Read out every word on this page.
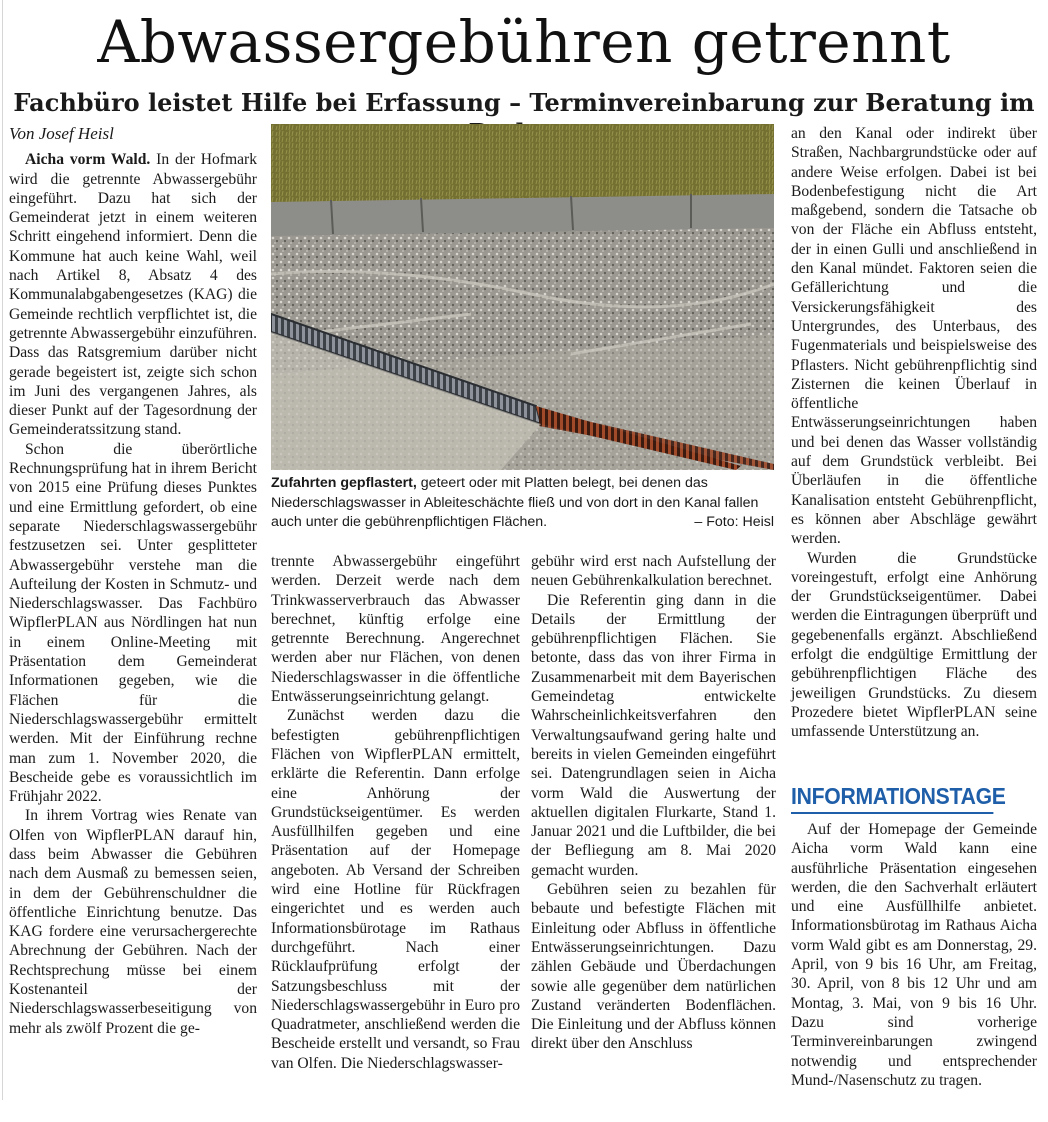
Abwassergebühren getrennt
Fachbüro leistet Hilfe bei Erfassung – Terminvereinbarung zur Beratung im

Von Josef Heisl

Aicha vorm Wald. In der Hofmark wird die getrennte Abwassergebühr eingeführt. Dazu hat sich der Gemeinderat jetzt in einem weiteren Schritt eingehend informiert. Denn die Kommune hat auch keine Wahl, weil nach Artikel 8, Absatz 4 des Kommunalabgabengesetzes (KAG) die Gemeinde rechtlich verpflichtet ist, die getrennte Abwassergebühr einzuführen. Dass das Ratsgremium darüber nicht gerade begeistert ist, zeigte sich schon im Juni des vergangenen Jahres, als dieser Punkt auf der Tagesordnung der Gemeinderatssitzung stand.

Schon die überörtliche Rechnungsprüfung hat in ihrem Bericht von 2015 eine Prüfung dieses Punktes und eine Ermittlung gefordert, ob eine separate Niederschlagswassergebühr festzusetzen sei. Unter gesplitteter Abwassergebühr verstehe man die Aufteilung der Kosten in Schmutz- und Niederschlagswasser. Das Fachbüro WipflerPLAN aus Nördlingen hat nun in einem Online-Meeting mit Präsentation dem Gemeinderat Informationen gegeben, wie die Flächen für die Niederschlagswassergebühr ermittelt werden. Mit der Einführung rechne man zum 1. November 2020, die Bescheide gebe es voraussichtlich im Frühjahr 2022.

In ihrem Vortrag wies Renate van Olfen von WipflerPLAN darauf hin, dass beim Abwasser die Gebühren nach dem Ausmaß zu bemessen seien, in dem der Gebührenschuldner die öffentliche Einrichtung benutze. Das KAG fordere eine verursachergerechte Abrechnung der Gebühren. Nach der Rechtsprechung müsse bei einem Kostenanteil der Niederschlagswasserbeseitigung von mehr als zwölf Prozent die ge-

Zufahrten gepflastert, geteert oder mit Platten belegt, bei denen das Niederschlagswasser in Ableiteschächte fließ und von dort in den Kanal fallen auch unter die gebührenpflichtigen Flächen.	– Foto: Heisl

trennte Abwassergebühr eingeführt werden. Derzeit werde nach dem Trinkwasserverbrauch das Abwasser berechnet, künftig erfolge eine getrennte Berechnung. Angerechnet werden aber nur Flächen, von denen Niederschlagswasser in die öffentliche Entwässerungseinrichtung gelangt.

Zunächst werden dazu die befestigten gebührenpflichtigen Flächen von WipflerPLAN ermittelt, erklärte die Referentin. Dann erfolge eine Anhörung der Grundstückseigentümer. Es werden Ausfüllhilfen gegeben und eine Präsentation auf der Homepage angeboten. Ab Versand der Schreiben wird eine Hotline für Rückfragen eingerichtet und es werden auch Informationsbürotage im Rathaus durchgeführt. Nach einer Rücklaufprüfung erfolgt der Satzungsbeschluss mit der Niederschlagswassergebühr in Euro pro Quadratmeter, anschließend werden die Bescheide erstellt und versandt, so Frau van Olfen. Die Niederschlagswasser-

gebühr wird erst nach Aufstellung der neuen Gebührenkalkulation berechnet.

Die Referentin ging dann in die Details der Ermittlung der gebührenpflichtigen Flächen. Sie betonte, dass das von ihrer Firma in Zusammenarbeit mit dem Bayerischen Gemeindetag entwickelte Wahrscheinlichkeitsverfahren den Verwaltungsaufwand gering halte und bereits in vielen Gemeinden eingeführt sei. Datengrundlagen seien in Aicha vorm Wald die Auswertung der aktuellen digitalen Flurkarte, Stand 1. Januar 2021 und die Luftbilder, die bei der Befliegung am 8. Mai 2020 gemacht wurden.

Gebühren seien zu bezahlen für bebaute und befestigte Flächen mit Einleitung oder Abfluss in öffentliche Entwässerungseinrichtungen. Dazu zählen Gebäude und Überdachungen sowie alle gegenüber dem natürlichen Zustand veränderten Bodenflächen. Die Einleitung und der Abfluss können direkt über den Anschluss

an den Kanal oder indirekt über Straßen, Nachbargrundstücke oder auf andere Weise erfolgen. Dabei ist bei Bodenbefestigung nicht die Art maßgebend, sondern die Tatsache ob von der Fläche ein Abfluss entsteht, der in einen Gulli und anschließend in den Kanal mündet. Faktoren seien die Gefällerichtung und die Versickerungsfähigkeit des Untergrundes, des Unterbaus, des Fugenmaterials und beispielsweise des Pflasters. Nicht gebührenpflichtig sind Zisternen die keinen Überlauf in öffentliche Entwässerungseinrichtungen haben und bei denen das Wasser vollständig auf dem Grundstück verbleibt. Bei Überläufen in die öffentliche Kanalisation entsteht Gebührenpflicht, es können aber Abschläge gewährt werden.

Wurden die Grundstücke voreingestuft, erfolgt eine Anhörung der Grundstückseigentümer. Dabei werden die Eintragungen überprüft und gegebenenfalls ergänzt. Abschließend erfolgt die endgültige Ermittlung der gebührenpflichtigen Fläche des jeweiligen Grundstücks. Zu diesem Prozedere bietet WipflerPLAN seine umfassende Unterstützung an.

INFORMATIONSTAGE

Auf der Homepage der Gemeinde Aicha vorm Wald kann eine ausführliche Präsentation eingesehen werden, die den Sachverhalt erläutert und eine Ausfüllhilfe anbietet. Informationsbürotag im Rathaus Aicha vorm Wald gibt es am Donnerstag, 29. April, von 9 bis 16 Uhr, am Freitag, 30. April, von 8 bis 12 Uhr und am Montag, 3. Mai, von 9 bis 16 Uhr. Dazu sind vorherige Terminvereinbarungen zwingend notwendig und entsprechender Mund-/Nasenschutz zu tragen.
